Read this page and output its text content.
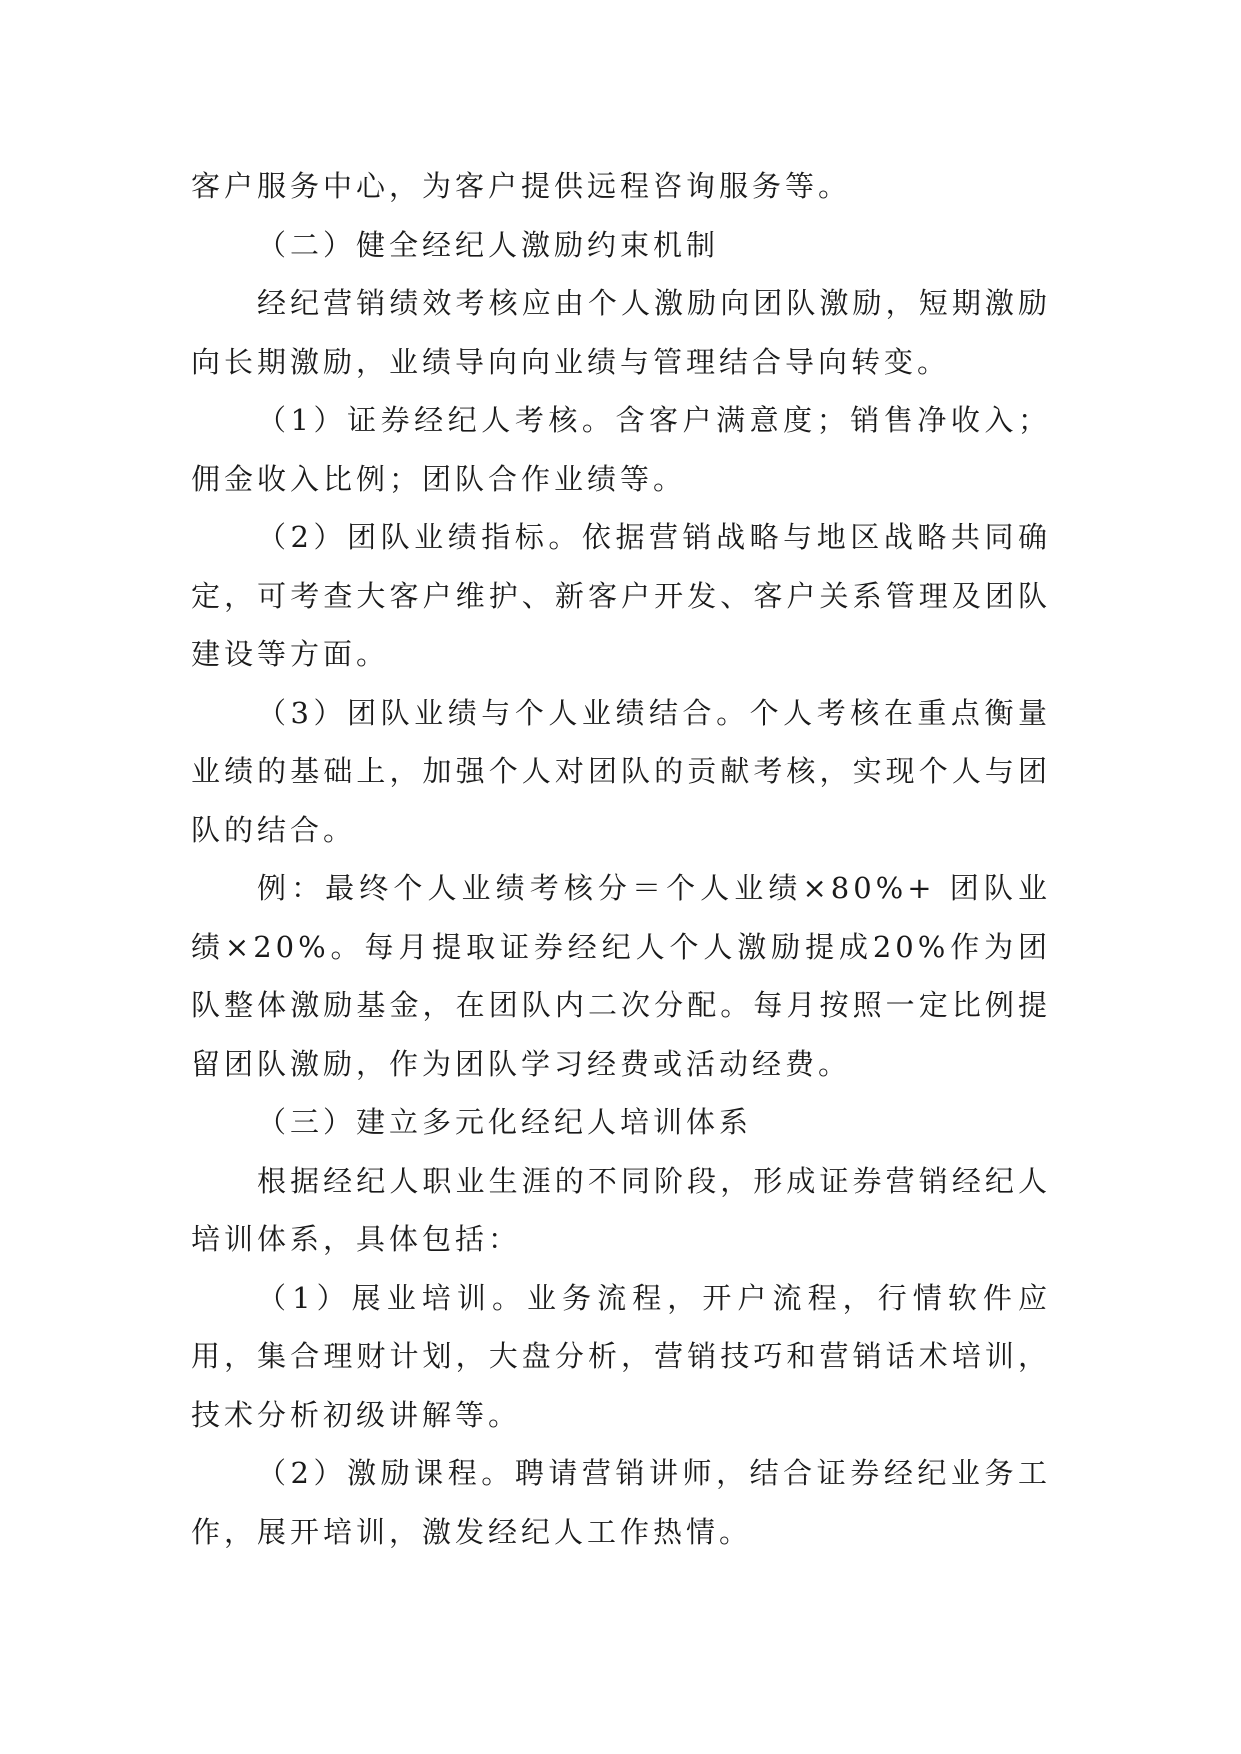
客户服务中心，为客户提供远程咨询服务等。

（二）健全经纪人激励约束机制

经纪营销绩效考核应由个人激励向团队激励，短期激励向长期激励，业绩导向向业绩与管理结合导向转变。

（1）证券经纪人考核。含客户满意度；销售净收入；佣金收入比例；团队合作业绩等。

（2）团队业绩指标。依据营销战略与地区战略共同确定，可考查大客户维护、新客户开发、客户关系管理及团队建设等方面。

（3）团队业绩与个人业绩结合。个人考核在重点衡量业绩的基础上，加强个人对团队的贡献考核，实现个人与团队的结合。

例：最终个人业绩考核分＝个人业绩×80%+ 团队业绩×20%。每月提取证券经纪人个人激励提成20%作为团队整体激励基金，在团队内二次分配。每月按照一定比例提留团队激励，作为团队学习经费或活动经费。

（三）建立多元化经纪人培训体系

根据经纪人职业生涯的不同阶段，形成证券营销经纪人培训体系，具体包括：

（1）展业培训。业务流程，开户流程，行情软件应用，集合理财计划，大盘分析，营销技巧和营销话术培训，技术分析初级讲解等。

（2）激励课程。聘请营销讲师，结合证券经纪业务工作，展开培训，激发经纪人工作热情。
